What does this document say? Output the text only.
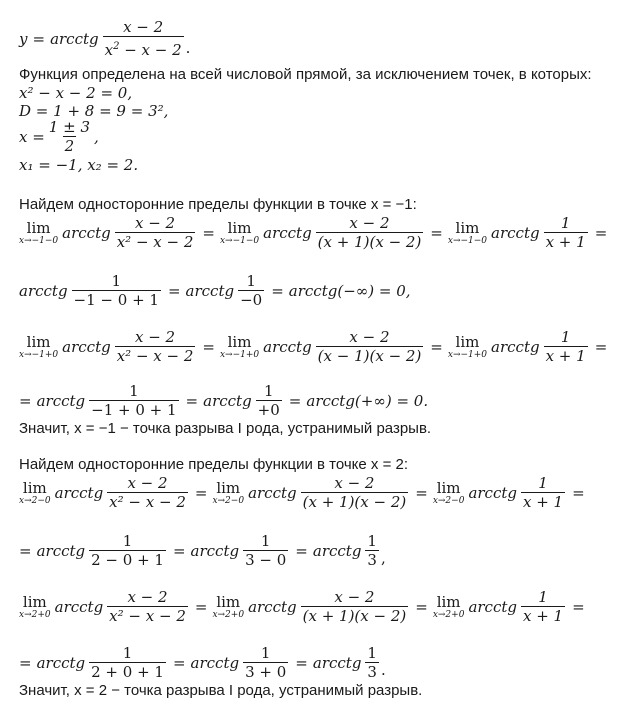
y = arcctg $\frac{x - 2}{x^2 - x - 2}$ .
Функция определена на всей числовой прямой, за исключением точек, в которых:
x² − x − 2 = 0,
D = 1 + 8 = 9 = 3²,
$x = \frac{1 \pm 3}{2}$ ,
x₁ = −1, x₂ = 2.
Найдем односторонние пределы функции в точке x = −1:
lim
x→−1−0 arcctg $\frac{x - 2}{\text{x² − x − 2}} = \lim$
x→−1−0 arcctg $\frac{x - 2}{(x + 1)(x - 2)} = \lim$
x→−1−0 arcctg $\frac{1}{x + 1}$ =
arcctg $\frac{1}{-1 - 0 + 1}$ = arcctg $\frac{1}{-0}$ = arcctg(−∞) = 0,
lim
x→−1+0 arcctg $\frac{x - 2}{\text{x² − x − 2}} = \lim$
x→−1+0 arcctg $\frac{x - 2}{(x - 1)(x - 2)} = \lim$
x→−1+0 arcctg $\frac{1}{x + 1}$ =
= arcctg $\frac{1}{-1 + 0 + 1}$ = arcctg $\frac{1}{+0}$ = arcctg(+∞) = 0.
Значит, x = −1 − точка разрыва I рода, устранимый разрыв.
Найдем односторонние пределы функции в точке x = 2:
lim
x→2−0 arcctg $\frac{x - 2}{\text{x² − x − 2}} = \lim$
x→2−0 arcctg $\frac{x - 2}{(x + 1)(x - 2)} = \lim$
x→2−0 arcctg $\frac{1}{x + 1}$ =
= arcctg $\frac{1}{2 - 0 + 1}$ = arcctg $\frac{1}{3 - 0}$ = arcctg $\frac{1}{3}$ ,
lim
x→2+0 arcctg $\frac{x - 2}{\text{x² − x − 2}} = \lim$
x→2+0 arcctg $\frac{x - 2}{(x + 1)(x - 2)} = \lim$
x→2+0 arcctg $\frac{1}{x + 1}$ =
= arcctg $\frac{1}{2 + 0 + 1}$ = arcctg $\frac{1}{3 + 0}$ = arcctg $\frac{1}{3}$ .
Значит, x = 2 − точка разрыва I рода, устранимый разрыв.
